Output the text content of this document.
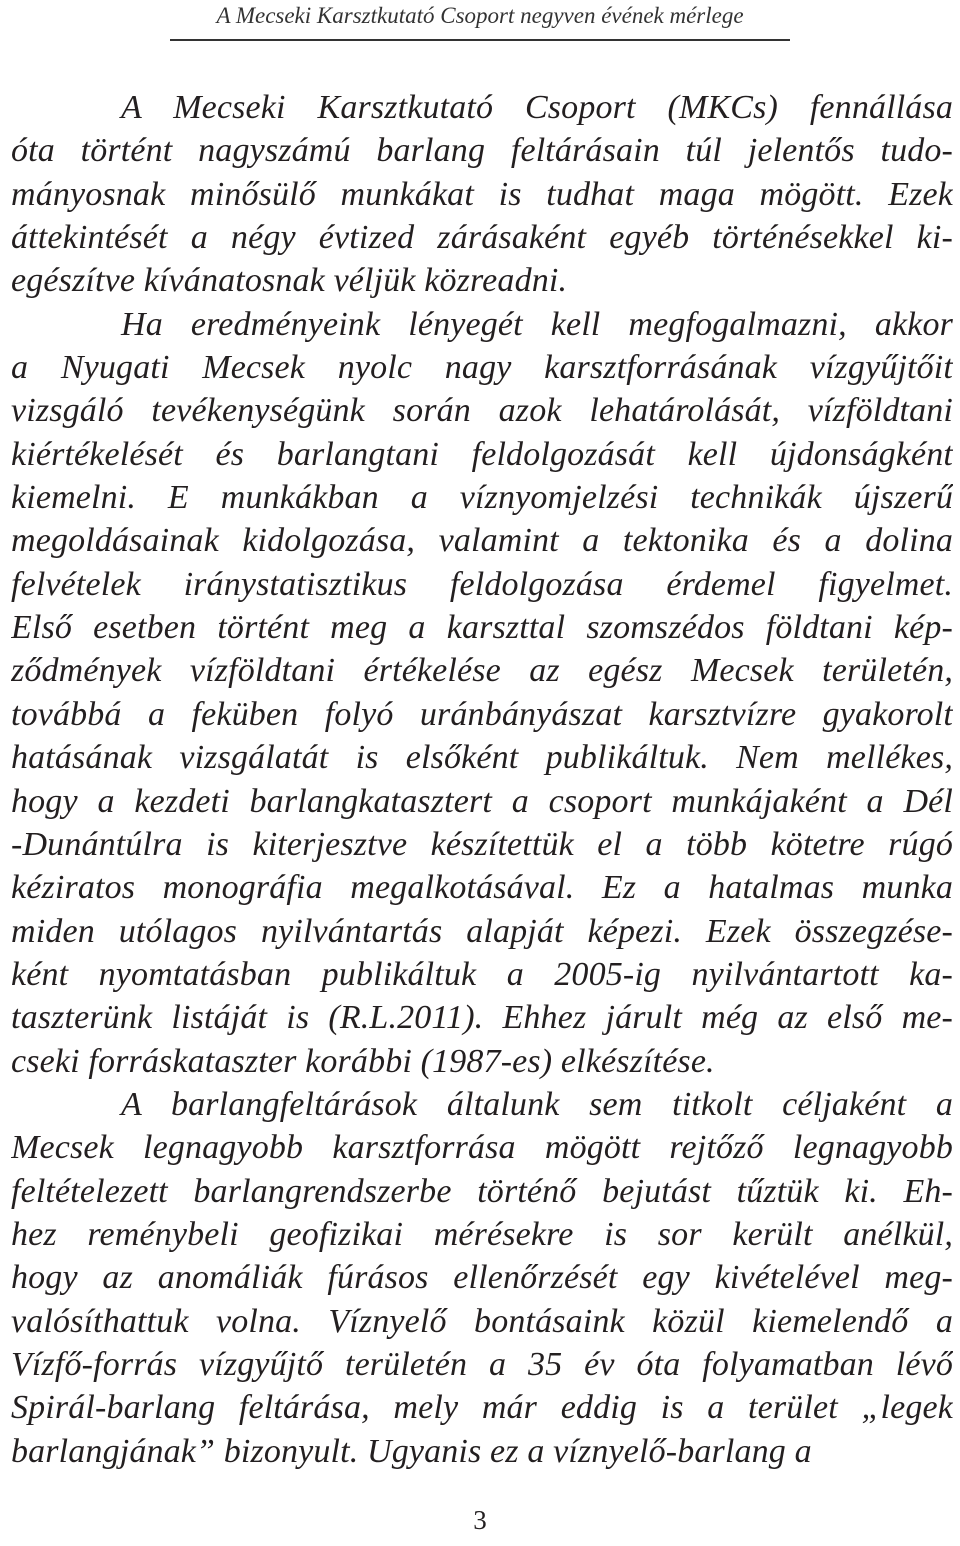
A Mecseki Karsztkutató Csoport negyven évének mérlege
A Mecseki Karsztkutató Csoport (MKCs) fennállása
óta történt nagyszámú barlang feltárásain túl jelentős tudo-
mányosnak minősülő munkákat is tudhat maga mögött. Ezek
áttekintését a négy évtized zárásaként egyéb történésekkel ki-
egészítve kívánatosnak véljük közreadni.
Ha eredményeink lényegét kell megfogalmazni, akkor
a Nyugati Mecsek nyolc nagy karsztforrásának vízgyűjtőit
vizsgáló tevékenységünk során azok lehatárolását, vízföldtani
kiértékelését és barlangtani feldolgozását kell újdonságként
kiemelni. E munkákban a víznyomjelzési technikák újszerű
megoldásainak kidolgozása, valamint a tektonika és a dolina
felvételek iránystatisztikus feldolgozása érdemel figyelmet.
Első esetben történt meg a karszttal szomszédos földtani kép-
ződmények vízföldtani értékelése az egész Mecsek területén,
továbbá a feküben folyó uránbányászat karsztvízre gyakorolt
hatásának vizsgálatát is elsőként publikáltuk. Nem mellékes,
hogy a kezdeti barlangkatasztert a csoport munkájaként a Dél
-Dunántúlra is kiterjesztve készítettük el a több kötetre rúgó
kéziratos monográfia megalkotásával. Ez a hatalmas munka
miden utólagos nyilvántartás alapját képezi. Ezek összegzése-
ként nyomtatásban publikáltuk a 2005-ig nyilvántartott ka-
taszterünk listáját is (R.L.2011). Ehhez járult még az első me-
cseki forráskataszter korábbi (1987-es) elkészítése.
A barlangfeltárások általunk sem titkolt céljaként a
Mecsek legnagyobb karsztforrása mögött rejtőző legnagyobb
feltételezett barlangrendszerbe történő bejutást tűztük ki. Eh-
hez reménybeli geofizikai mérésekre is sor került anélkül,
hogy az anomáliák fúrásos ellenőrzését egy kivételével meg-
valósíthattuk volna. Víznyelő bontásaink közül kiemelendő a
Vízfő-forrás vízgyűjtő területén a 35 év óta folyamatban lévő
Spirál-barlang feltárása, mely már eddig is a terület „legek
barlangjának” bizonyult. Ugyanis ez a víznyelő-barlang a
3
